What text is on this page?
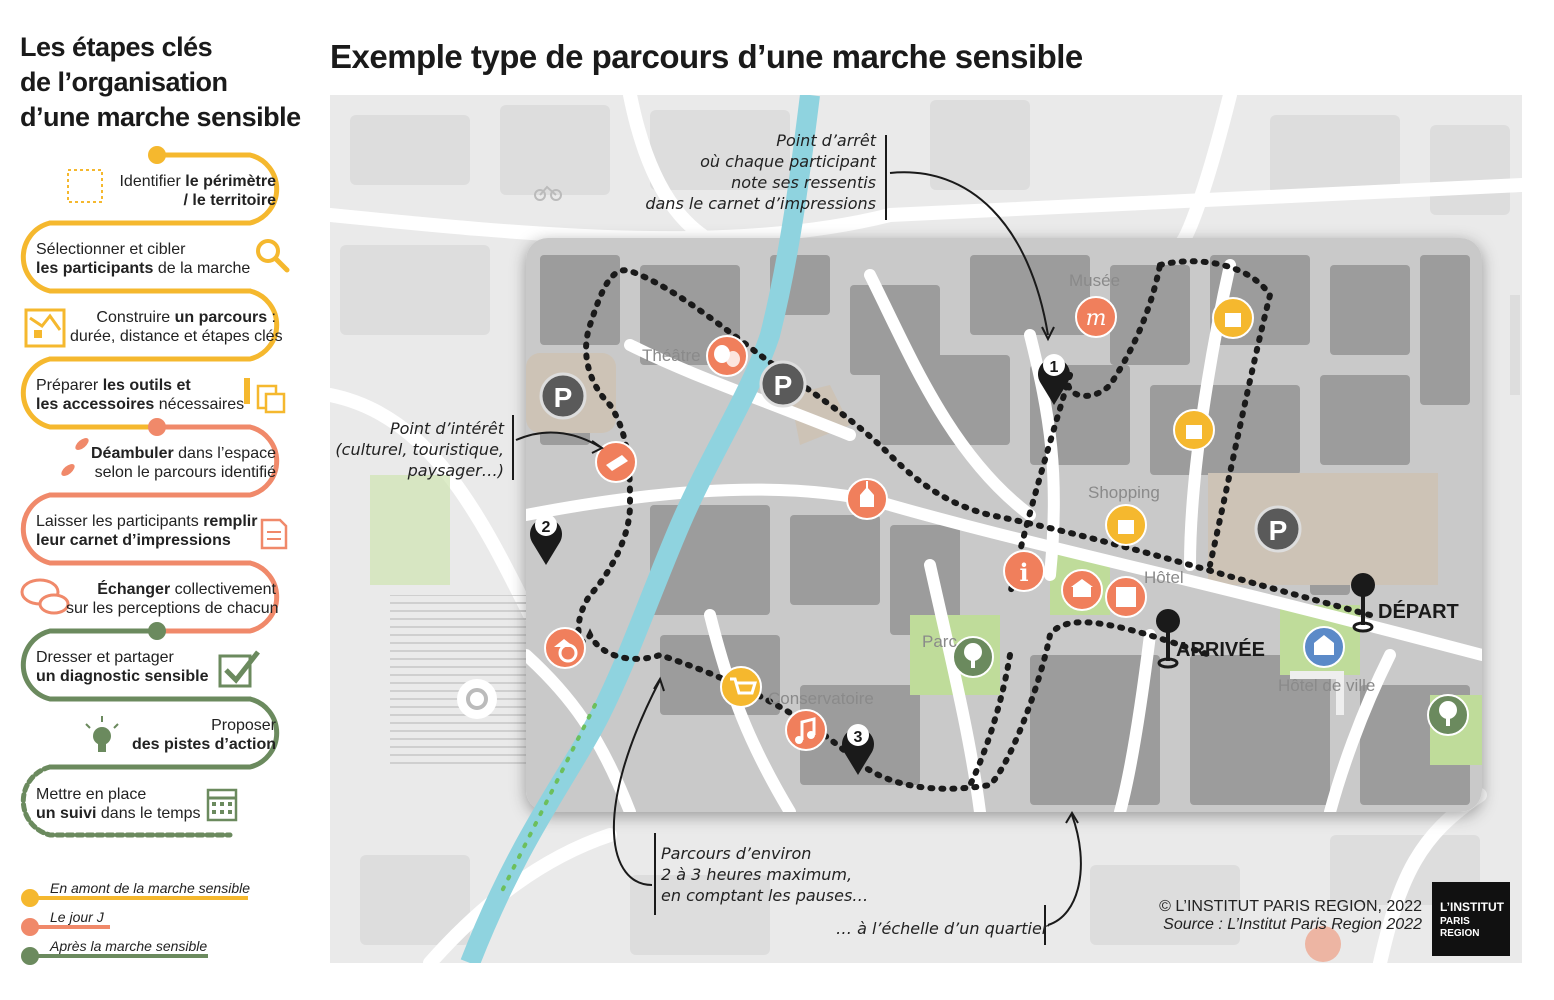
Les étapes clés
de l’organisation
d’une marche sensible
Identifier le périmètre
/ le territoire
Sélectionner et cibler
les participants de la marche
Construire un parcours :
durée, distance et étapes clés
Préparer les outils et
les accessoires nécessaires
Déambuler dans l’espace
selon le parcours identifié
Laisser les participants remplir
leur carnet d’impressions
Échanger collectivement
sur les perceptions de chacun
Dresser et partager
un diagnostic sensible
Proposer
des pistes d’action
Mettre en place
un suivi dans le temps
En amont de la marche sensible
Le jour J
Après la marche sensible
Exemple type de parcours d’une marche sensible
P	P
P
m
i
1
2
3
DÉPART
ARRIVÉE
Musée
Théâtre
Shopping
Hôtel
Parc
Conservatoire
Hôtel de ville
Point d’arrêt
où chaque participant
note ses ressentis
dans le carnet d’impressions
Point d’intérêt
(culturel, touristique,
paysager…)
Parcours d’environ
2 à 3 heures maximum,
en comptant les pauses…
… à l’échelle d’un quartier
© L’INSTITUT PARIS REGION, 2022
Source : L’Institut Paris Region 2022
L’INSTITUT
PARIS
REGION
